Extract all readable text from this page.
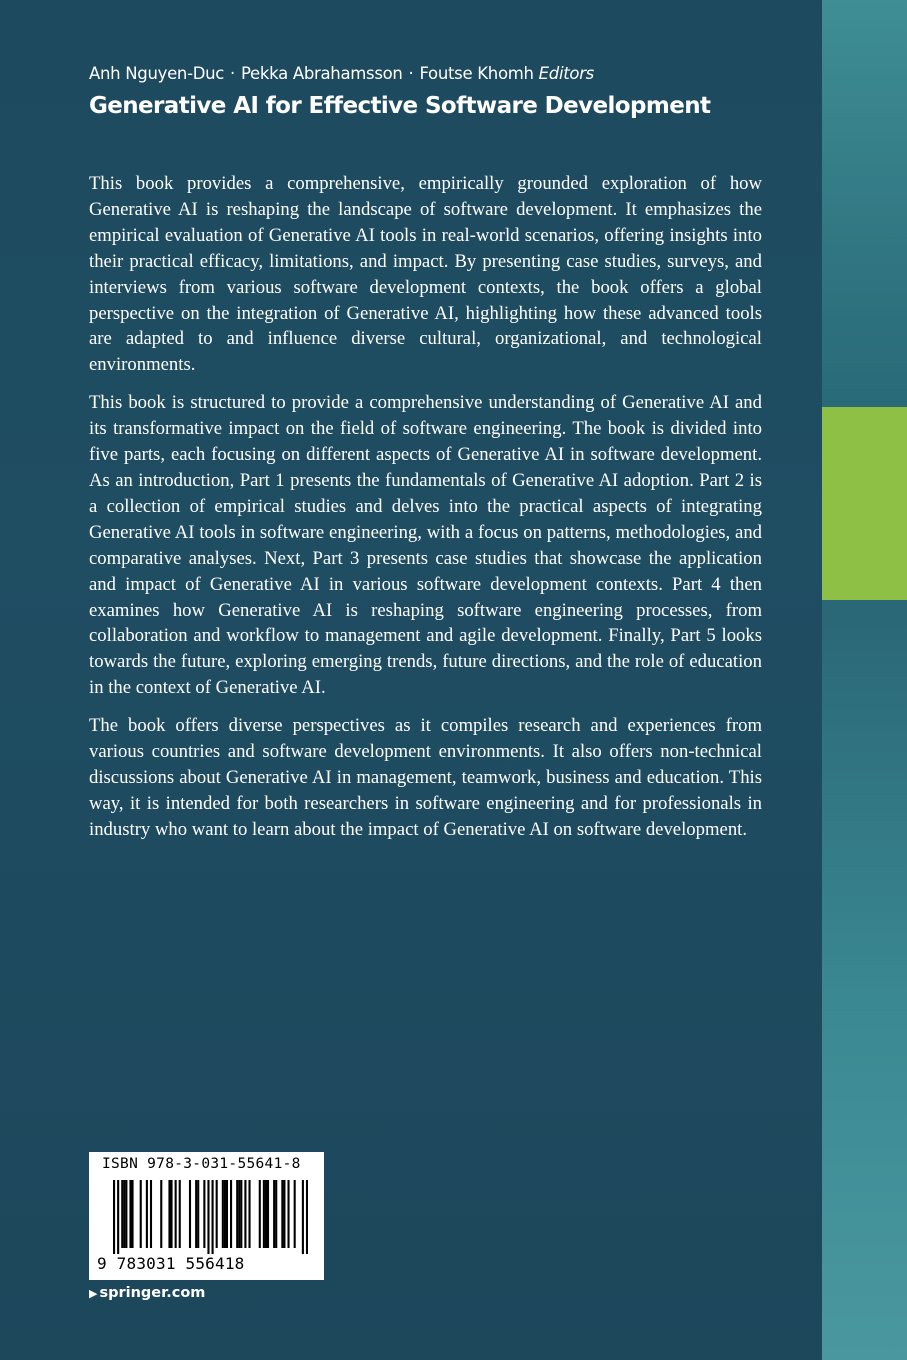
Anh Nguyen-Duc · Pekka Abrahamsson · Foutse Khomh Editors
Generative AI for Effective Software Development

This book provides a comprehensive, empirically grounded exploration of how Generative AI is reshaping the landscape of software development. It emphasizes the empirical evaluation of Generative AI tools in real-world scenarios, offering insights into their practical efficacy, limitations, and impact. By presenting case studies, surveys, and interviews from various software development contexts, the book offers a global perspective on the integration of Generative AI, highlighting how these advanced tools are adapted to and influence diverse cultural, organizational, and technological environments.

This book is structured to provide a comprehensive understanding of Generative AI and its transformative impact on the field of software engineering. The book is divided into five parts, each focusing on different aspects of Generative AI in software development. As an introduction, Part 1 presents the fundamentals of Generative AI adoption. Part 2 is a collection of empirical studies and delves into the practical aspects of integrating Generative AI tools in software engineering, with a focus on patterns, methodologies, and comparative analyses. Next, Part 3 presents case studies that showcase the application and impact of Generative AI in various software development contexts. Part 4 then examines how Generative AI is reshaping software engineering processes, from collaboration and workflow to management and agile development. Finally, Part 5 looks towards the future, exploring emerging trends, future directions, and the role of education in the context of Generative AI.

The book offers diverse perspectives as it compiles research and experiences from various countries and software development environments. It also offers non-technical discussions about Generative AI in management, teamwork, business and education. This way, it is intended for both researchers in software engineering and for professionals in industry who want to learn about the impact of Generative AI on software development.

ISBN 978-3-031-55641-8
9 783031 556418
▶ springer.com
